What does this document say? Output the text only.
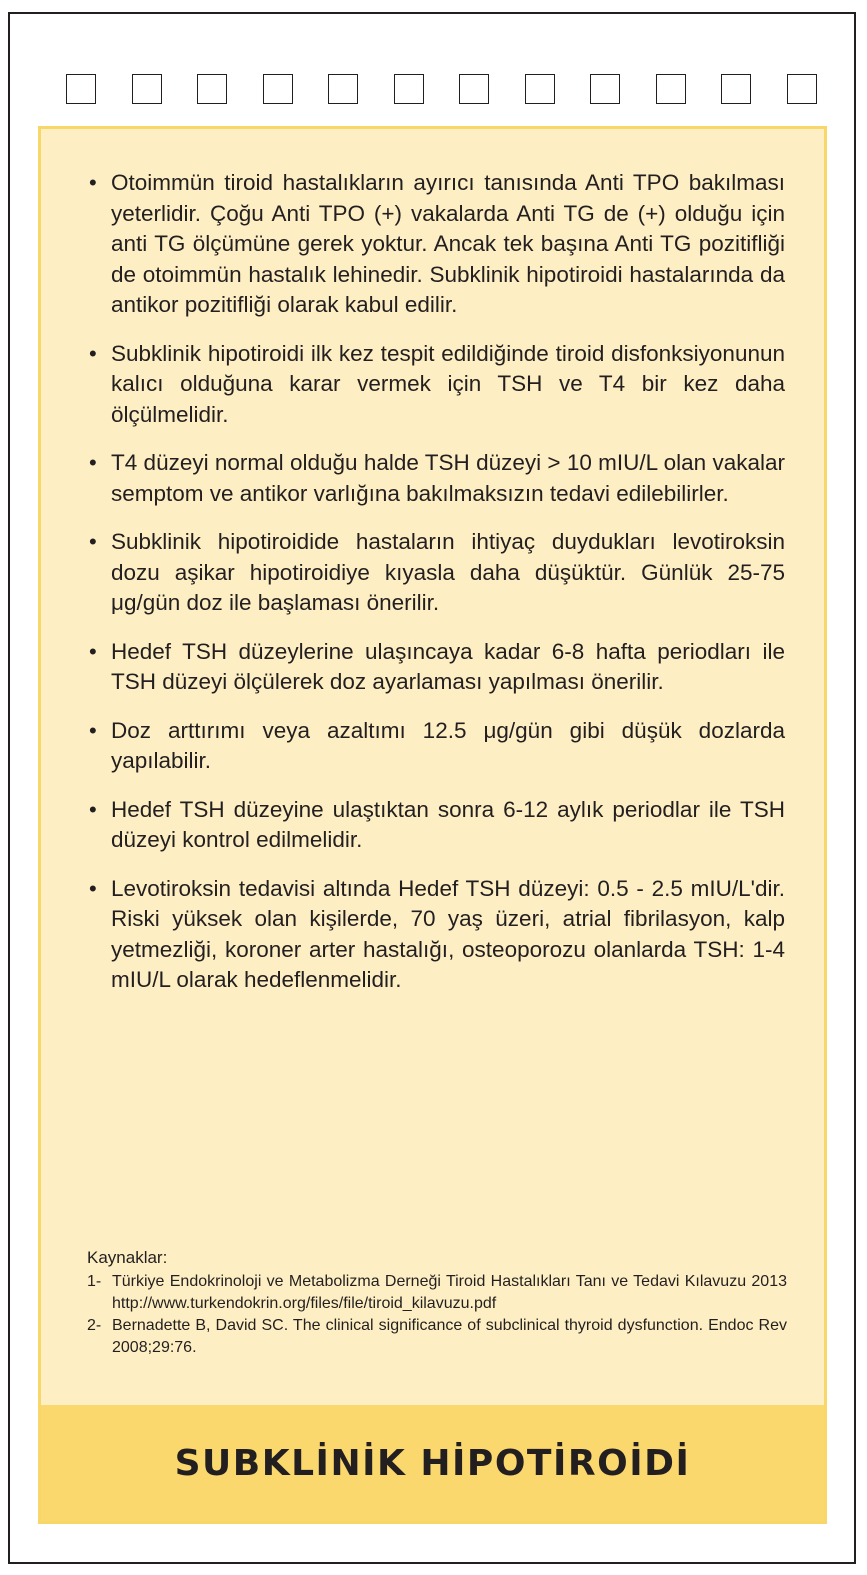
• Otoimmün tiroid hastalıkların ayırıcı tanısında Anti TPO bakılması yeterlidir. Çoğu Anti TPO (+) vakalarda Anti TG de (+) olduğu için anti TG ölçümüne gerek yoktur. Ancak tek başına Anti TG pozitifliği de otoimmün hastalık lehinedir. Subklinik hipotiroidi hastalarında da antikor pozitifliği olarak kabul edilir.
• Subklinik hipotiroidi ilk kez tespit edildiğinde tiroid disfonksiyonunun kalıcı olduğuna karar vermek için TSH ve T4 bir kez daha ölçülmelidir.
• T4 düzeyi normal olduğu halde TSH düzeyi > 10 mIU/L olan vakalar semptom ve antikor varlığına bakılmaksızın tedavi edilebilirler.
• Subklinik hipotiroidide hastaların ihtiyaç duydukları levotiroksin dozu aşikar hipotiroidiye kıyasla daha düşüktür. Günlük 25-75 μg/gün doz ile başlaması önerilir.
• Hedef TSH düzeylerine ulaşıncaya kadar 6-8 hafta periodları ile TSH düzeyi ölçülerek doz ayarlaması yapılması önerilir.
• Doz arttırımı veya azaltımı 12.5 μg/gün gibi düşük dozlarda yapılabilir.
• Hedef TSH düzeyine ulaştıktan sonra 6-12 aylık periodlar ile TSH düzeyi kontrol edilmelidir.
• Levotiroksin tedavisi altında Hedef TSH düzeyi: 0.5 - 2.5 mIU/L'dir. Riski yüksek olan kişilerde, 70 yaş üzeri, atrial fibrilasyon, kalp yetmezliği, koroner arter hastalığı, osteoporozu olanlarda TSH: 1-4 mIU/L olarak hedeflenmelidir.
Kaynaklar:
1- Türkiye Endokrinoloji ve Metabolizma Derneği Tiroid Hastalıkları Tanı ve Tedavi Kılavuzu 2013 http://www.turkendokrin.org/files/file/tiroid_kilavuzu.pdf
2- Bernadette B, David SC. The clinical significance of subclinical thyroid dysfunction. Endoc Rev 2008;29:76.
SUBKLİNİK HİPOTİROİDİ
